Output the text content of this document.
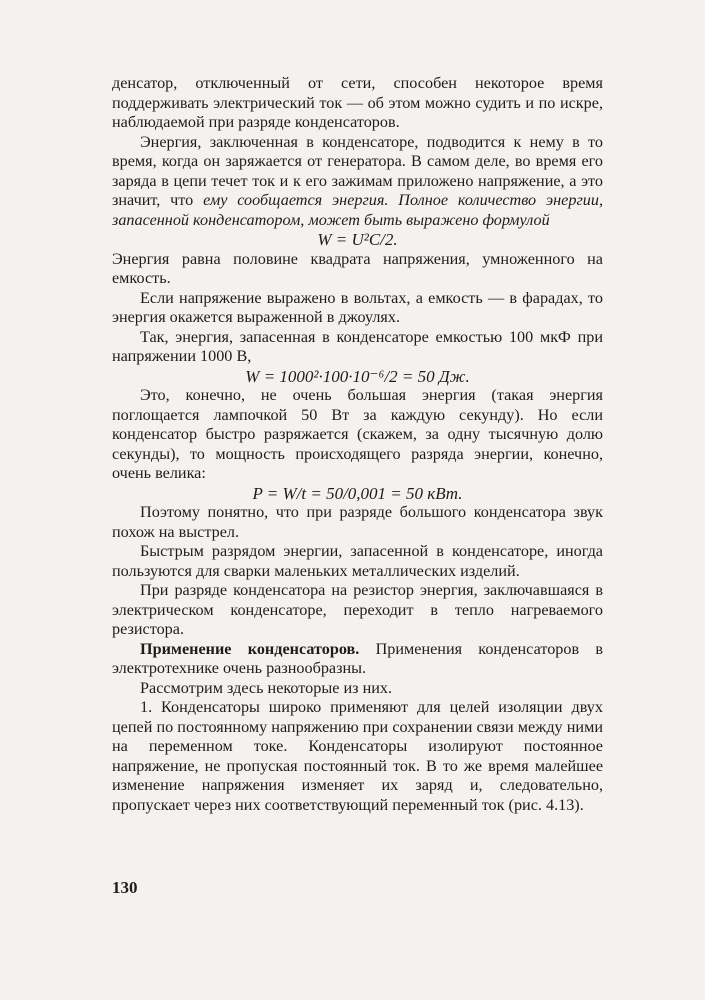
денсатор, отключенный от сети, способен некоторое время поддерживать электрический ток — об этом можно судить и по искре, наблюдаемой при разряде конденсаторов.

Энергия, заключенная в конденсаторе, подводится к нему в то время, когда он заряжается от генератора. В самом деле, во время его заряда в цепи течет ток и к его зажимам приложено напряжение, а это значит, что ему сообщается энергия. Полное количество энергии, запасенной конденсатором, может быть выражено формулой

W = U²C/2.

Энергия равна половине квадрата напряжения, умноженного на емкость.

Если напряжение выражено в вольтах, а емкость — в фарадах, то энергия окажется выраженной в джоулях.

Так, энергия, запасенная в конденсаторе емкостью 100 мкФ при напряжении 1000 В,

W = 1000²·100·10⁻⁶/2 = 50 Дж.

Это, конечно, не очень большая энергия (такая энергия поглощается лампочкой 50 Вт за каждую секунду). Но если конденсатор быстро разряжается (скажем, за одну тысячную долю секунды), то мощность происходящего разряда энергии, конечно, очень велика:

P = W/t = 50/0,001 = 50 кВт.

Поэтому понятно, что при разряде большого конденсатора звук похож на выстрел.

Быстрым разрядом энергии, запасенной в конденсаторе, иногда пользуются для сварки маленьких металлических изделий.

При разряде конденсатора на резистор энергия, заключавшаяся в электрическом конденсаторе, переходит в тепло нагреваемого резистора.

Применение конденсаторов. Применения конденсаторов в электротехнике очень разнообразны.

Рассмотрим здесь некоторые из них.

1. Конденсаторы широко применяют для целей изоляции двух цепей по постоянному напряжению при сохранении связи между ними на переменном токе. Конденсаторы изолируют постоянное напряжение, не пропуская постоянный ток. В то же время малейшее изменение напряжения изменяет их заряд и, следовательно, пропускает через них соответствующий переменный ток (рис. 4.13).

130
